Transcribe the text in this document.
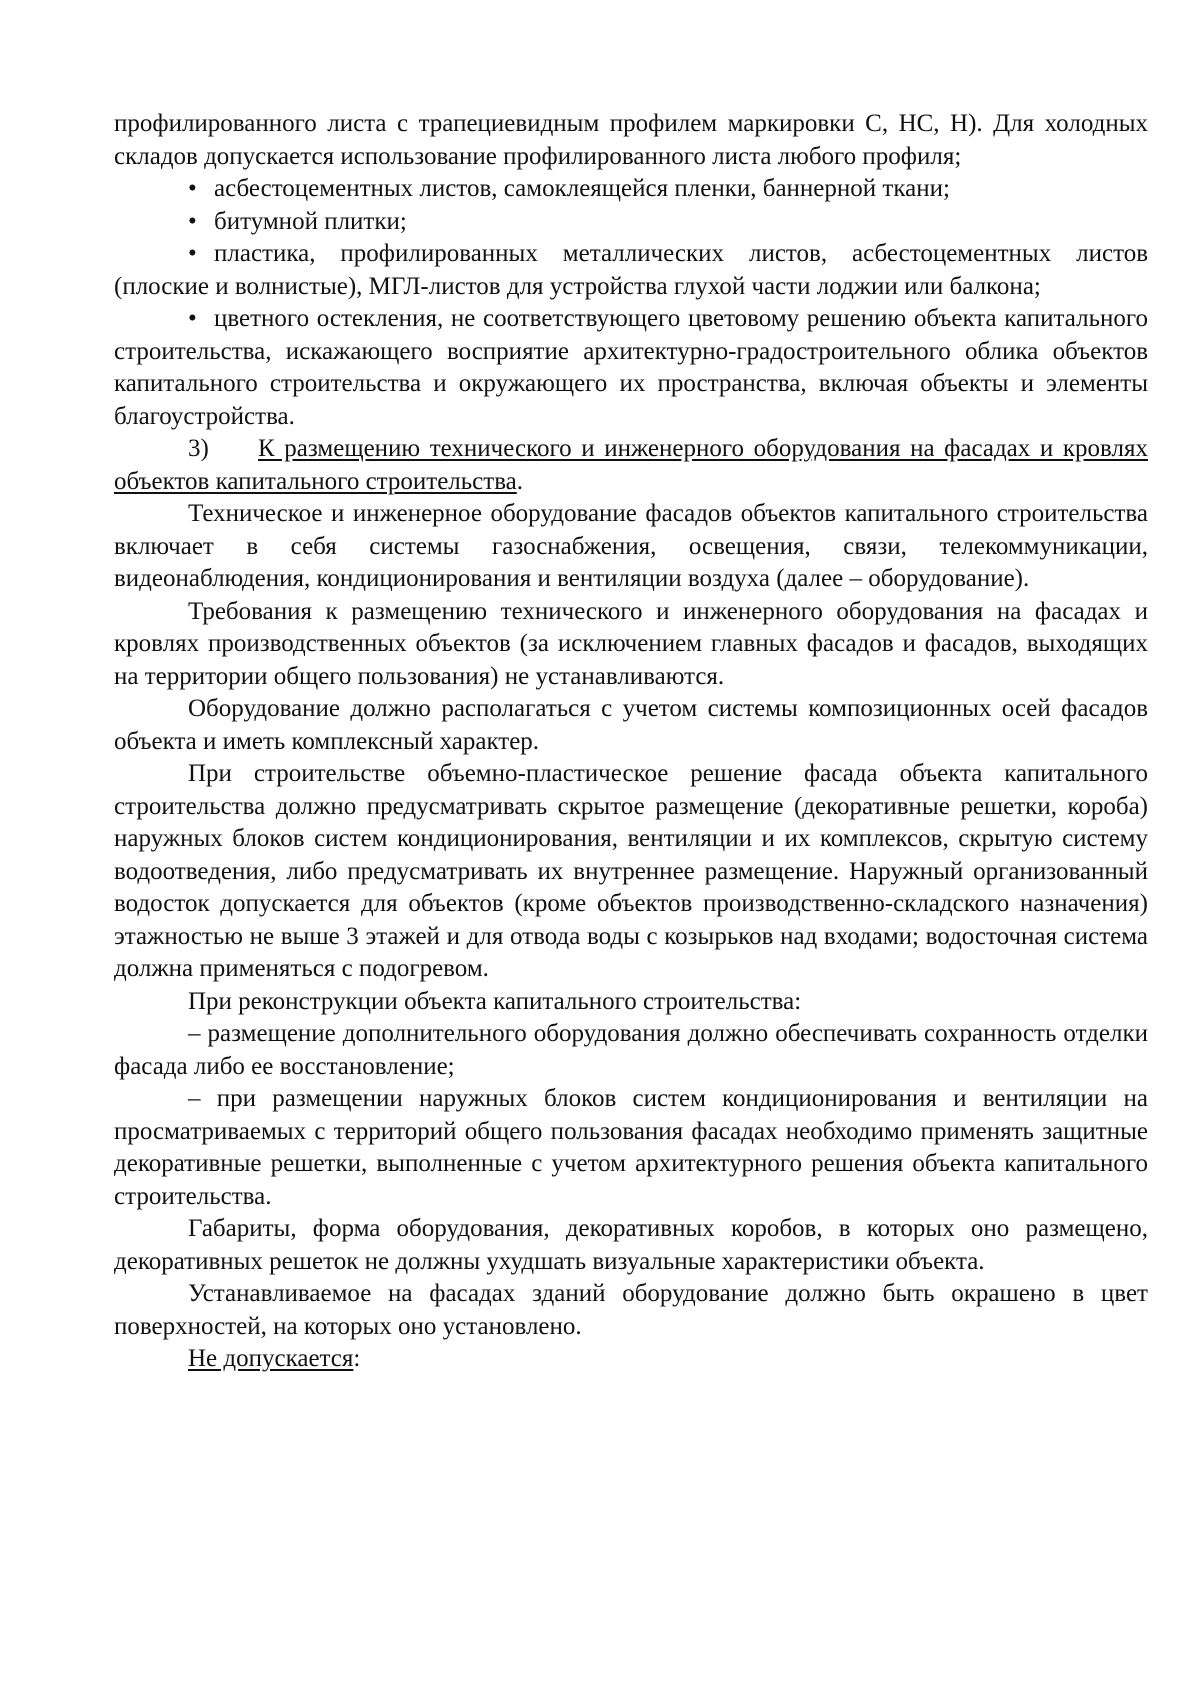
профилированного листа с трапециевидным профилем маркировки С, НС, Н). Для холодных складов допускается использование профилированного листа любого профиля;

• асбестоцементных листов, самоклеящейся пленки, баннерной ткани;

• битумной плитки;

• пластика, профилированных металлических листов, асбестоцементных листов (плоские и волнистые), МГЛ-листов для устройства глухой части лоджии или балкона;

• цветного остекления, не соответствующего цветовому решению объекта капитального строительства, искажающего восприятие архитектурно-градостроительного облика объектов капитального строительства и окружающего их пространства, включая объекты и элементы благоустройства.

3) К размещению технического и инженерного оборудования на фасадах и кровлях объектов капитального строительства.

Техническое и инженерное оборудование фасадов объектов капитального строительства включает в себя системы газоснабжения, освещения, связи, телекоммуникации, видеонаблюдения, кондиционирования и вентиляции воздуха (далее – оборудование).

Требования к размещению технического и инженерного оборудования на фасадах и кровлях производственных объектов (за исключением главных фасадов и фасадов, выходящих на территории общего пользования) не устанавливаются.

Оборудование должно располагаться с учетом системы композиционных осей фасадов объекта и иметь комплексный характер.

При строительстве объемно-пластическое решение фасада объекта капитального строительства должно предусматривать скрытое размещение (декоративные решетки, короба) наружных блоков систем кондиционирования, вентиляции и их комплексов, скрытую систему водоотведения, либо предусматривать их внутреннее размещение. Наружный организованный водосток допускается для объектов (кроме объектов производственно-складского назначения) этажностью не выше 3 этажей и для отвода воды с козырьков над входами; водосточная система должна применяться с подогревом.

При реконструкции объекта капитального строительства:

– размещение дополнительного оборудования должно обеспечивать сохранность отделки фасада либо ее восстановление;

– при размещении наружных блоков систем кондиционирования и вентиляции на просматриваемых с территорий общего пользования фасадах необходимо применять защитные декоративные решетки, выполненные с учетом архитектурного решения объекта капитального строительства.

Габариты, форма оборудования, декоративных коробов, в которых оно размещено, декоративных решеток не должны ухудшать визуальные характеристики объекта.

Устанавливаемое на фасадах зданий оборудование должно быть окрашено в цвет поверхностей, на которых оно установлено.

Не допускается:
